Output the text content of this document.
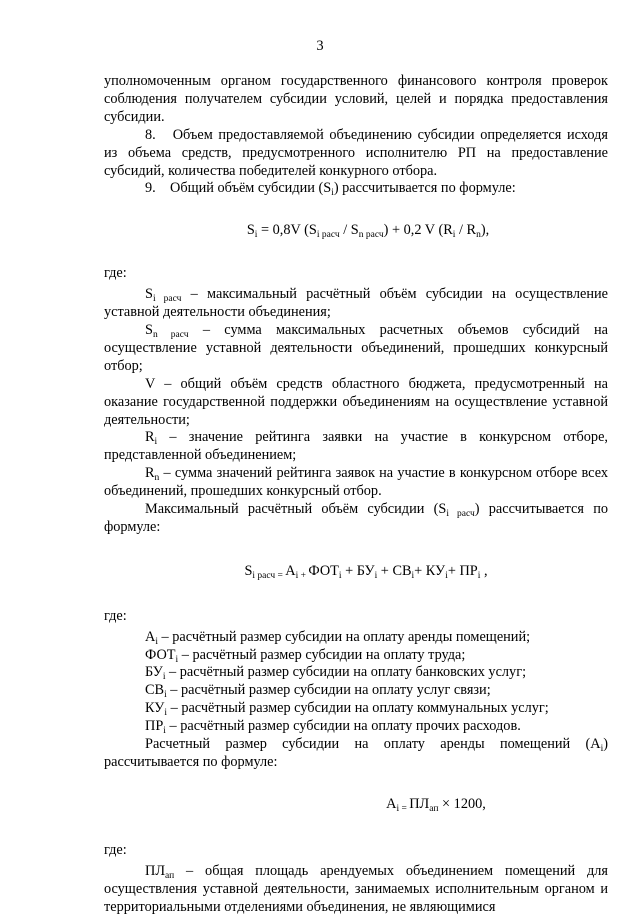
3

уполномоченным органом государственного финансового контроля проверок соблюдения получателем субсидии условий, целей и порядка предоставления субсидии.

8.   Объем предоставляемой объединению субсидии определяется исходя из объема средств, предусмотренного исполнителю РП на предоставление субсидий, количества победителей конкурного отбора.

9.    Общий объём субсидии $(S_i)$ рассчитывается по формуле:

$S_i = 0,8V$ $(S_{i расч} / S_{n расч}) + 0,2$ V $(R_i / R_n)$,

где:

$S_{i расч}$ – максимальный расчётный объём субсидии на осуществление уставной деятельности объединения;

$S_{n расч}$ – сумма максимальных расчетных объемов субсидий на осуществление уставной деятельности объединений, прошедших конкурсный отбор;

V – общий объём средств областного бюджета, предусмотренный на оказание государственной поддержки объединениям на осуществление уставной деятельности;

$R_i$ – значение рейтинга заявки на участие в конкурсном отборе, представленной объединением;

$R_n$ – сумма значений рейтинга заявок на участие в конкурсном отборе всех объединений, прошедших конкурсный отбор.

Максимальный расчётный объём субсидии $(S_{i расч})$ рассчитывается по формуле:

$S_{i расч =}$ $A_{i +}$ $ФОТ_i + БУ_i + СВ_i+ КУ_i+ ПР_i$ ,

где:

$A_i$ – расчётный размер субсидии на оплату аренды помещений;

$ФОТ_i$ – расчётный размер субсидии на оплату труда;

$БУ_i$ – расчётный размер субсидии на оплату банковских услуг;

$СВ_i$ – расчётный размер субсидии на оплату услуг связи;

$КУ_i$ – расчётный размер субсидии на оплату коммунальных услуг;

$ПР_i$ – расчётный размер субсидии на оплату прочих расходов.

Расчетный размер субсидии на оплату аренды помещений $(A_i)$ рассчитывается по формуле:

$A_{i =}$ $ПЛ_{ап} \times 1200$,

где:

$ПЛ_{ап}$ – общая площадь арендуемых объединением помещений для осуществления уставной деятельности, занимаемых исполнительным органом и территориальными отделениями объединения, не являющимися
